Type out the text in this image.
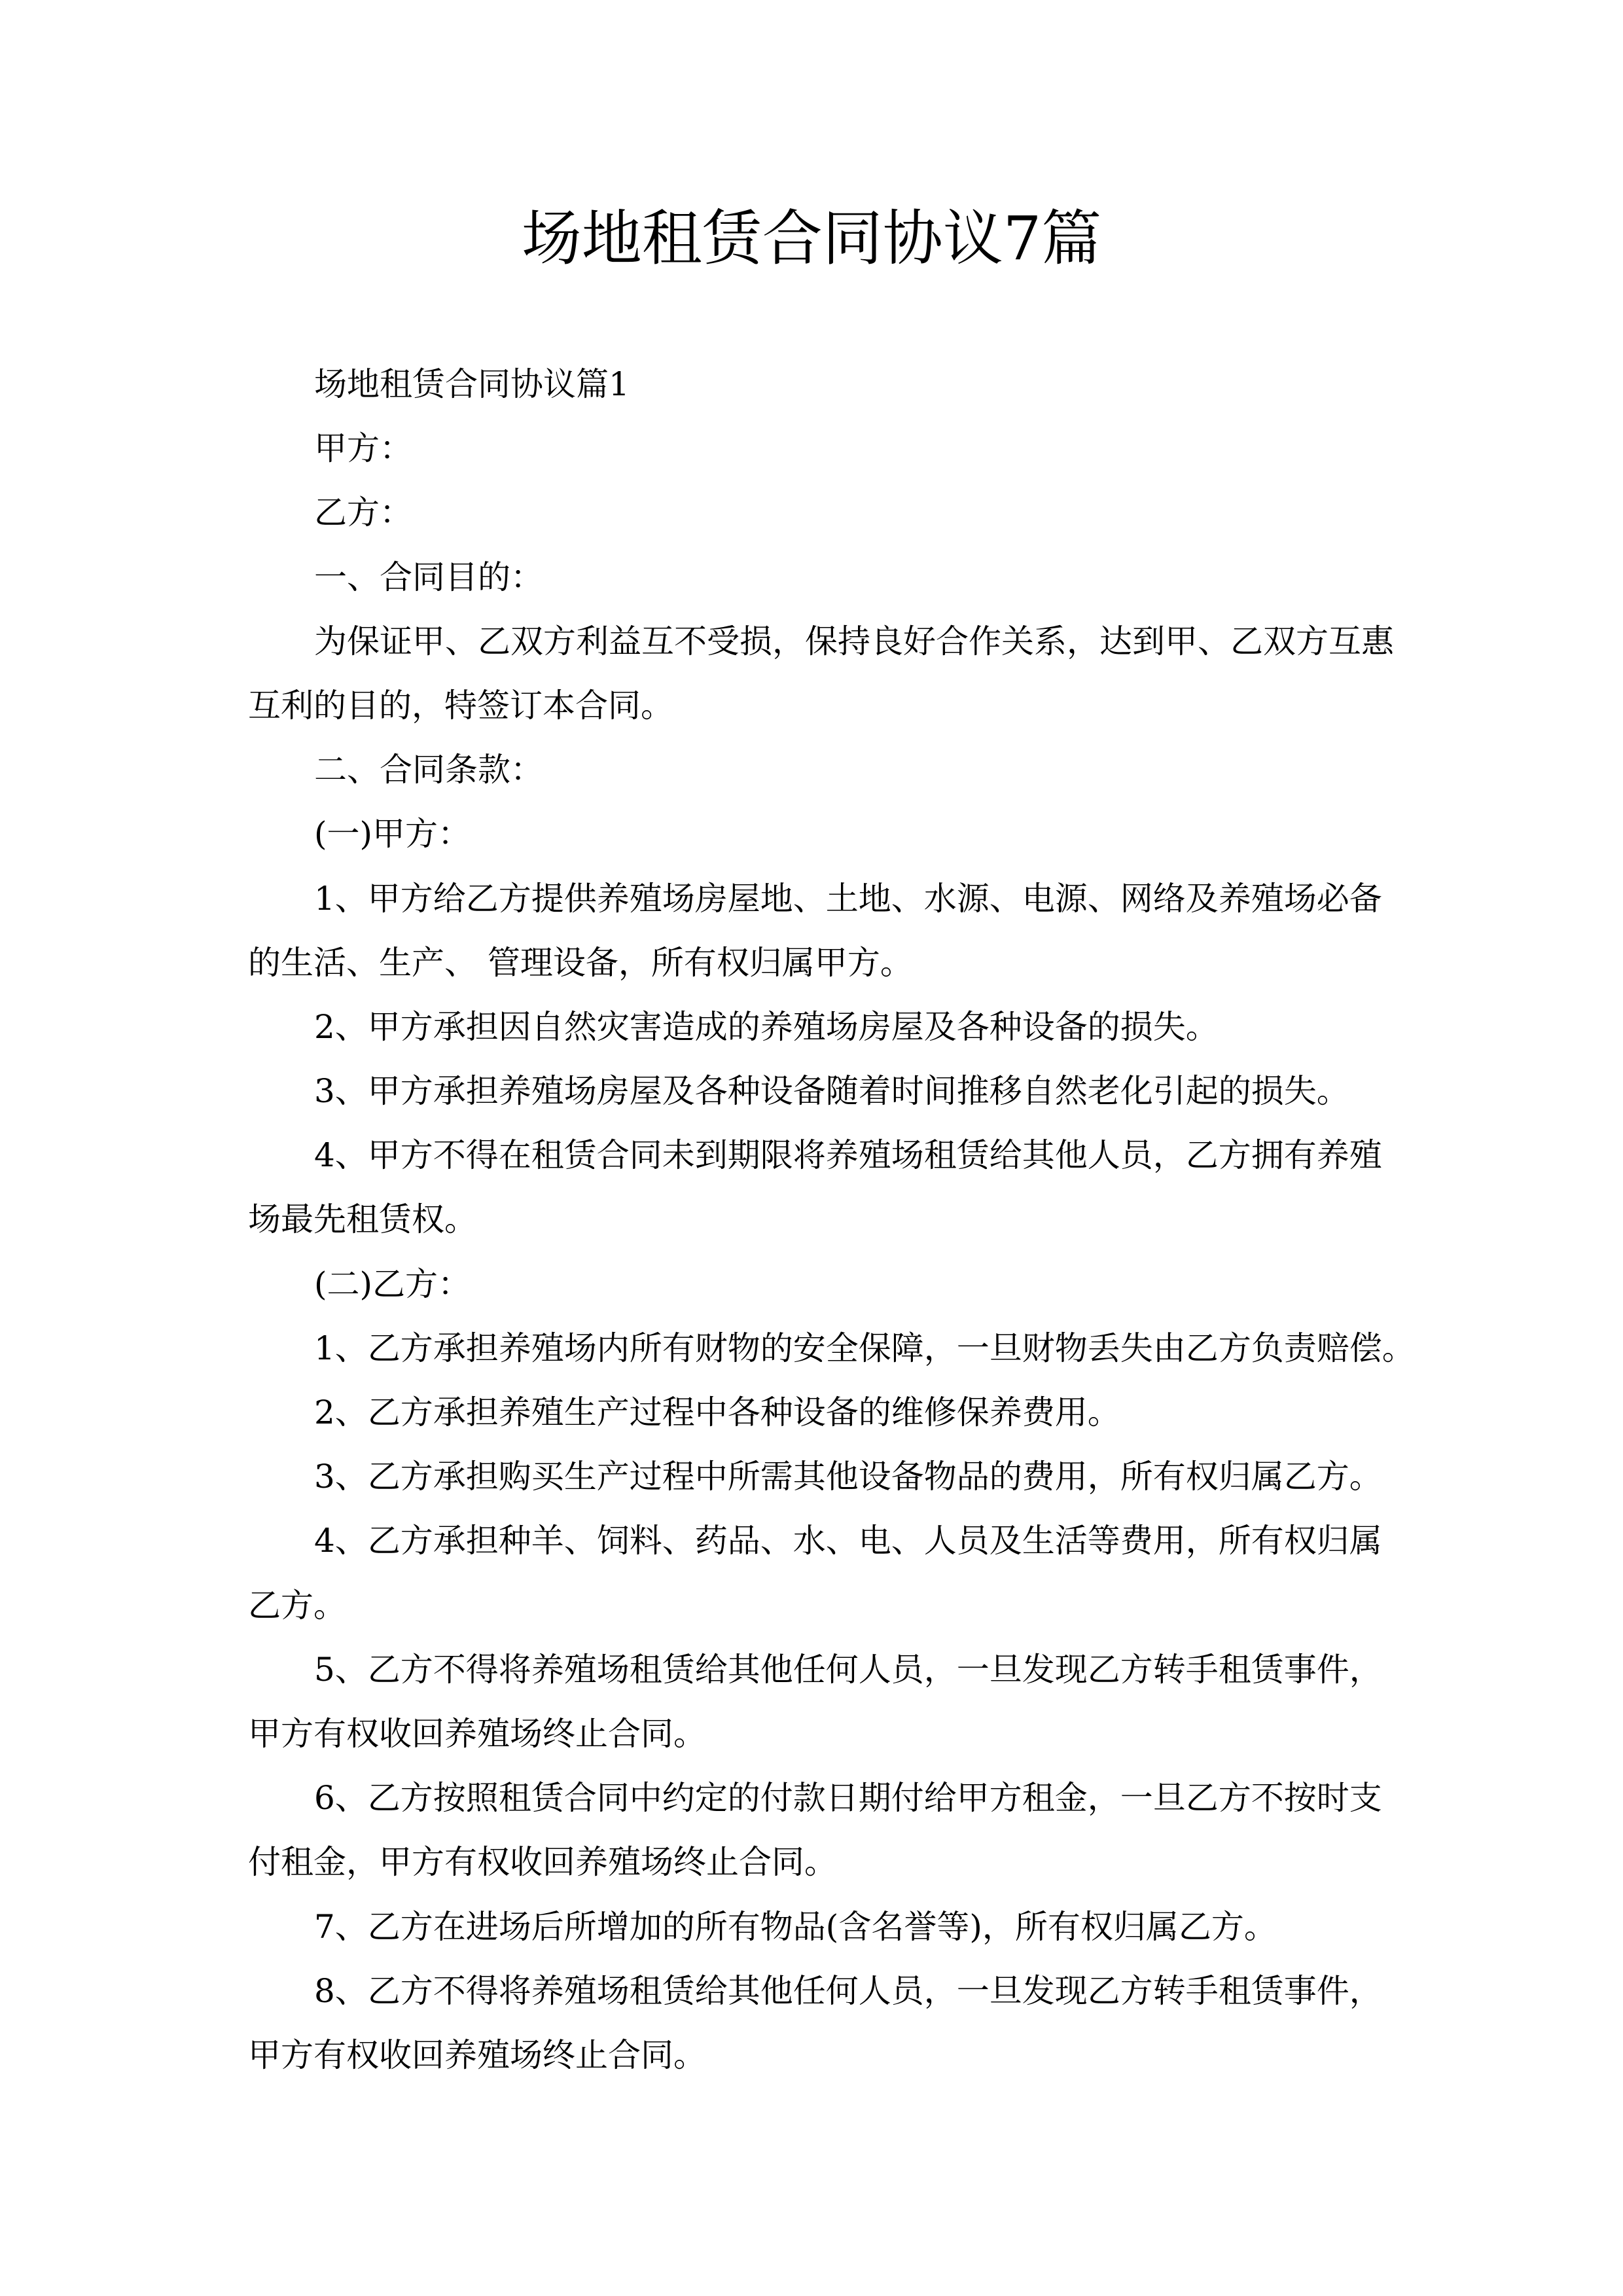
场地租赁合同协议7篇
场地租赁合同协议篇1
甲方：
乙方：
一、合同目的：
为保证甲、乙双方利益互不受损，保持良好合作关系，达到甲、乙双方互惠
互利的目的，特签订本合同。
二、合同条款：
(一)甲方：
1、甲方给乙方提供养殖场房屋地、土地、水源、电源、网络及养殖场必备
的生活、生产、 管理设备，所有权归属甲方。
2、甲方承担因自然灾害造成的养殖场房屋及各种设备的损失。
3、甲方承担养殖场房屋及各种设备随着时间推移自然老化引起的损失。
4、甲方不得在租赁合同未到期限将养殖场租赁给其他人员，乙方拥有养殖
场最先租赁权。
(二)乙方：
1、乙方承担养殖场内所有财物的安全保障，一旦财物丢失由乙方负责赔偿。
2、乙方承担养殖生产过程中各种设备的维修保养费用。
3、乙方承担购买生产过程中所需其他设备物品的费用，所有权归属乙方。
4、乙方承担种羊、饲料、药品、水、电、人员及生活等费用，所有权归属
乙方。
5、乙方不得将养殖场租赁给其他任何人员，一旦发现乙方转手租赁事件，
甲方有权收回养殖场终止合同。
6、乙方按照租赁合同中约定的付款日期付给甲方租金，一旦乙方不按时支
付租金，甲方有权收回养殖场终止合同。
7、乙方在进场后所增加的所有物品(含名誉等)，所有权归属乙方。
8、乙方不得将养殖场租赁给其他任何人员，一旦发现乙方转手租赁事件，
甲方有权收回养殖场终止合同。
